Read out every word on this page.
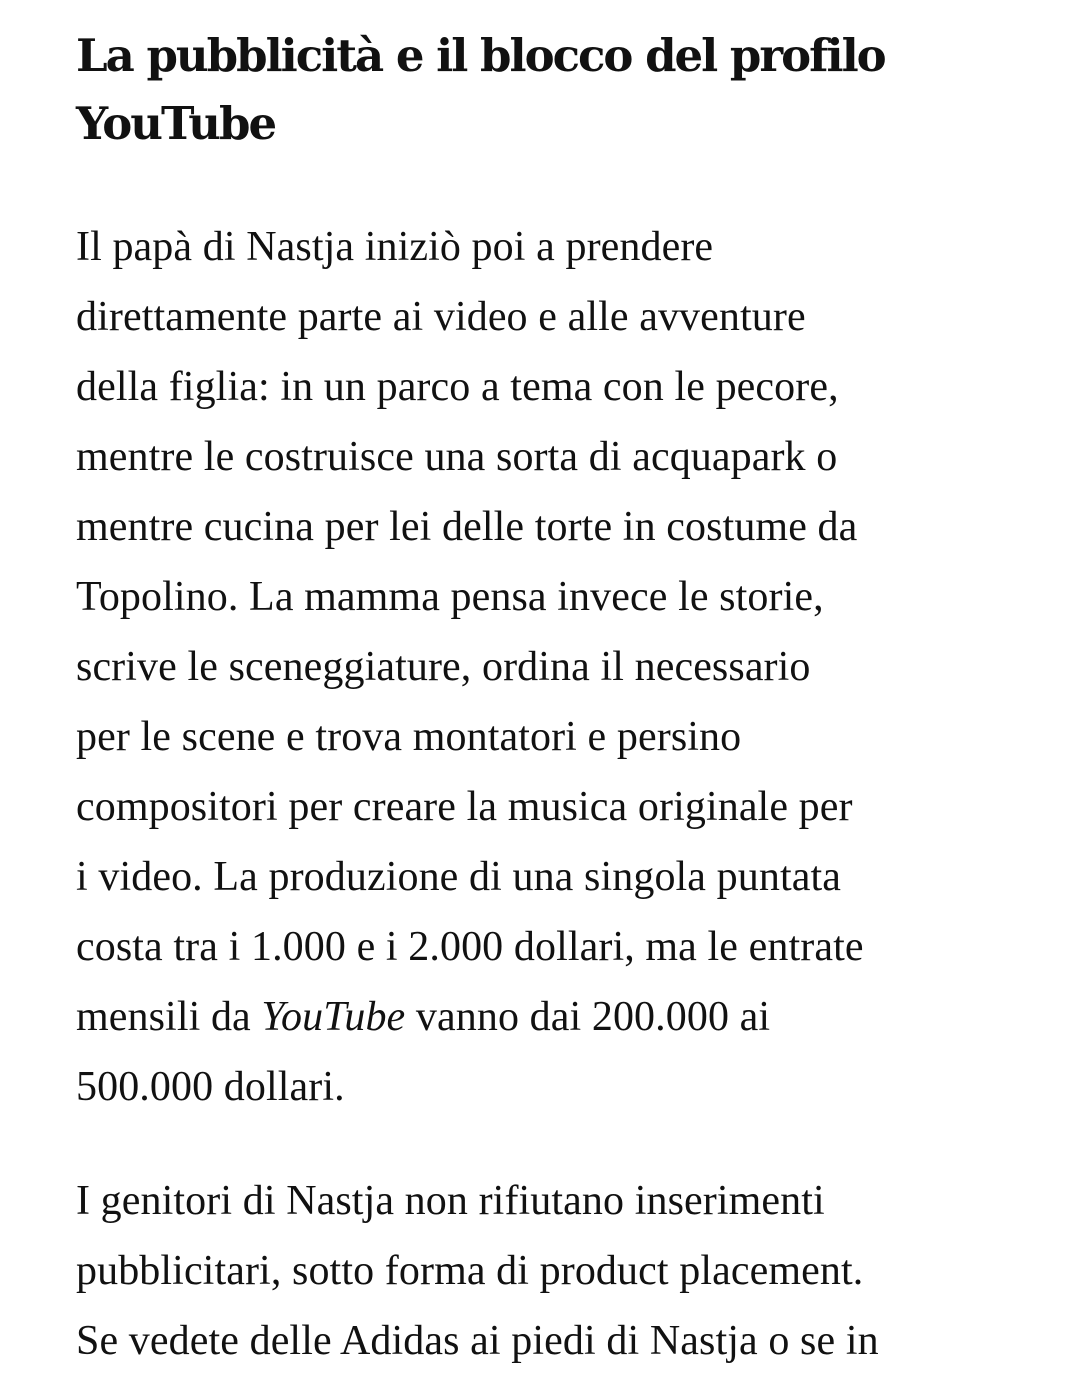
La pubblicità e il blocco del profilo
YouTube

Il papà di Nastja iniziò poi a prendere
direttamente parte ai video e alle avventure
della figlia: in un parco a tema con le pecore,
mentre le costruisce una sorta di acquapark o
mentre cucina per lei delle torte in costume da
Topolino. La mamma pensa invece le storie,
scrive le sceneggiature, ordina il necessario
per le scene e trova montatori e persino
compositori per creare la musica originale per
i video. La produzione di una singola puntata
costa tra i 1.000 e i 2.000 dollari, ma le entrate
mensili da YouTube vanno dai 200.000 ai
500.000 dollari.

I genitori di Nastja non rifiutano inserimenti
pubblicitari, sotto forma di product placement.
Se vedete delle Adidas ai piedi di Nastja o se in
